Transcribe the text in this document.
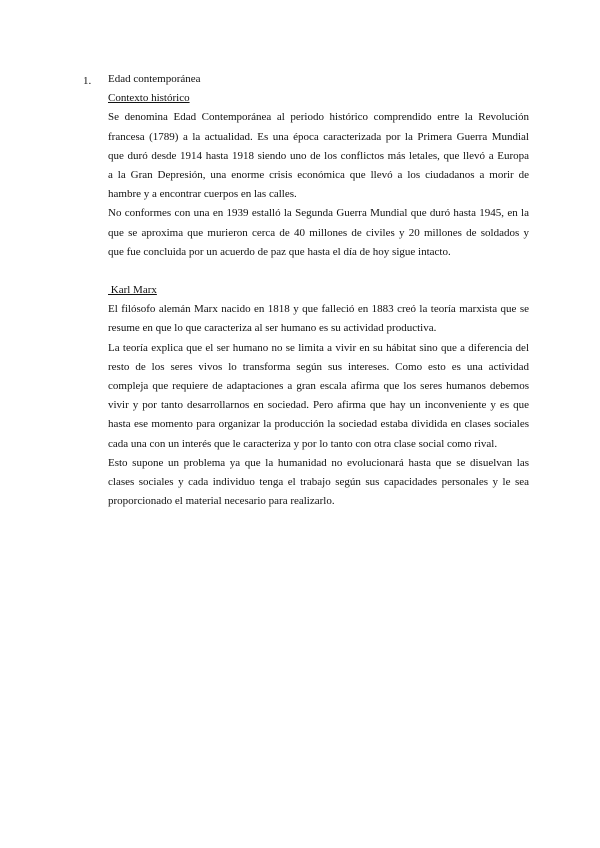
1. Edad contemporánea
Contexto histórico
Se denomina Edad Contemporánea al periodo histórico comprendido entre la Revolución
francesa (1789) a la actualidad. Es una época caracterizada por la Primera Guerra Mundial
que duró desde 1914 hasta 1918 siendo uno de los conflictos más letales, que llevó a Europa
a la Gran Depresión, una enorme crisis económica que llevó a los ciudadanos a morir de
hambre y a encontrar cuerpos en las calles.
No conformes con una en 1939 estalló la Segunda Guerra Mundial que duró hasta 1945, en la
que se aproxima que murieron cerca de 40 millones de civiles y 20 millones de soldados y
que fue concluida por un acuerdo de paz que hasta el día de hoy sigue intacto.
Karl Marx
El filósofo alemán Marx nacido en 1818 y que falleció en 1883 creó la teoría marxista que se
resume en que lo que caracteriza al ser humano es su actividad productiva.
La teoría explica que el ser humano no se limita a vivir en su hábitat sino que a diferencia del
resto de los seres vivos lo transforma según sus intereses. Como esto es una actividad
compleja que requiere de adaptaciones a gran escala afirma que los seres humanos debemos
vivir y por tanto desarrollarnos en sociedad. Pero afirma que hay un inconveniente y es que
hasta ese momento para organizar la producción la sociedad estaba dividida en clases sociales
cada una con un interés que le caracteriza y por lo tanto con otra clase social como rival.
Esto supone un problema ya que la humanidad no evolucionará hasta que se disuelvan las
clases sociales y cada individuo tenga el trabajo según sus capacidades personales y le sea
proporcionado el material necesario para realizarlo.
